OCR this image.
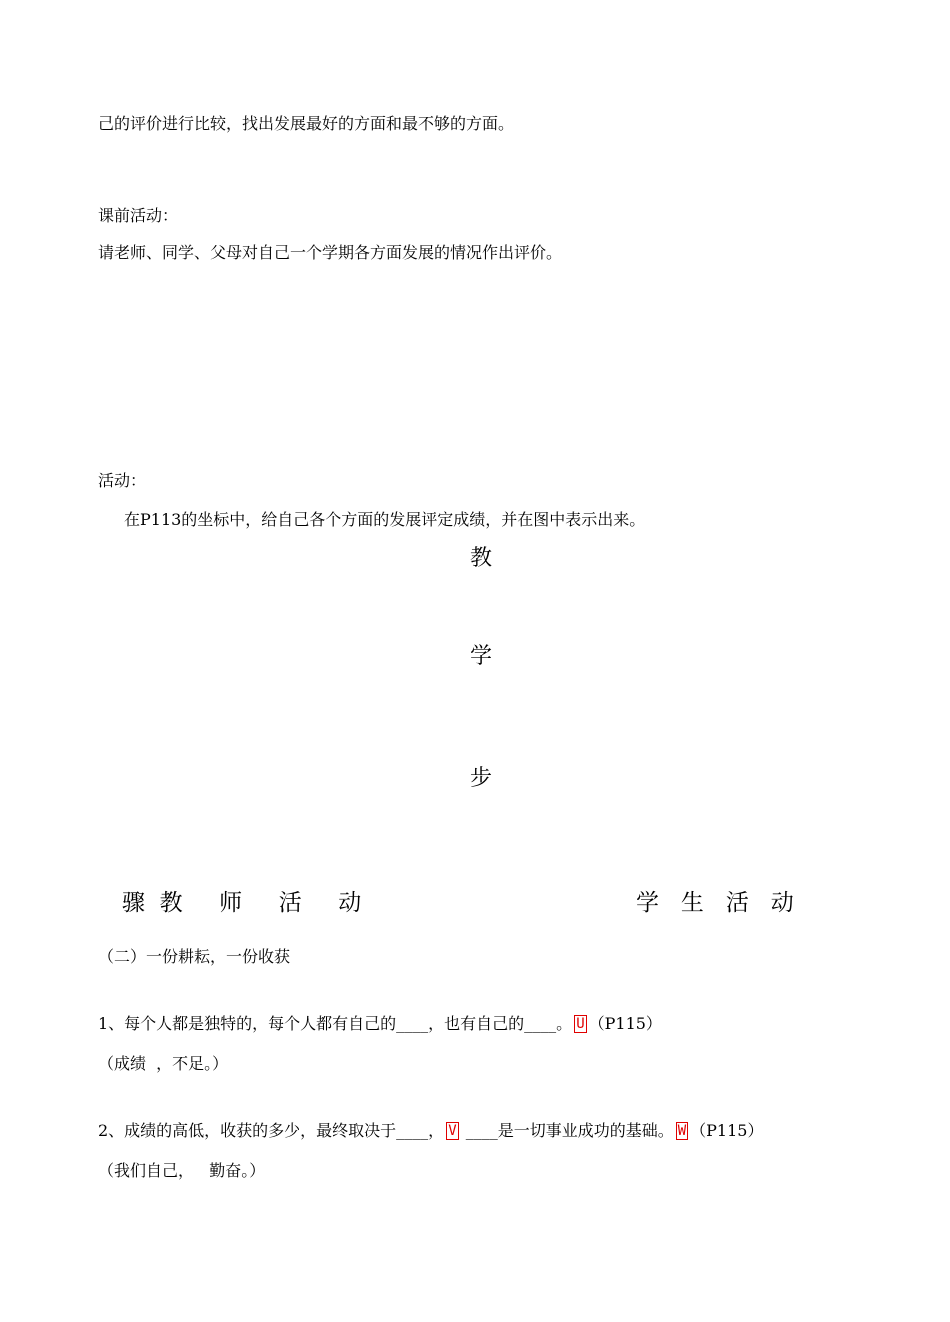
己的评价进行比较，找出发展最好的方面和最不够的方面。
课前活动：
请老师、同学、父母对自己一个学期各方面发展的情况作出评价。
活动：
在P113的坐标中，给自己各个方面的发展评定成绩，并在图中表示出来。
教
学
步
骤  教     师     活     动	学   生   活   动
（二）一份耕耘，一份收获
1、每个人都是独特的，每个人都有自己的____，也有自己的____。 U （P115）
（成绩  ，不足。）
2、成绩的高低，收获的多少，最终取决于____， V ____是一切事业成功的基础。 W （P115）
（我们自己，   勤奋。）
